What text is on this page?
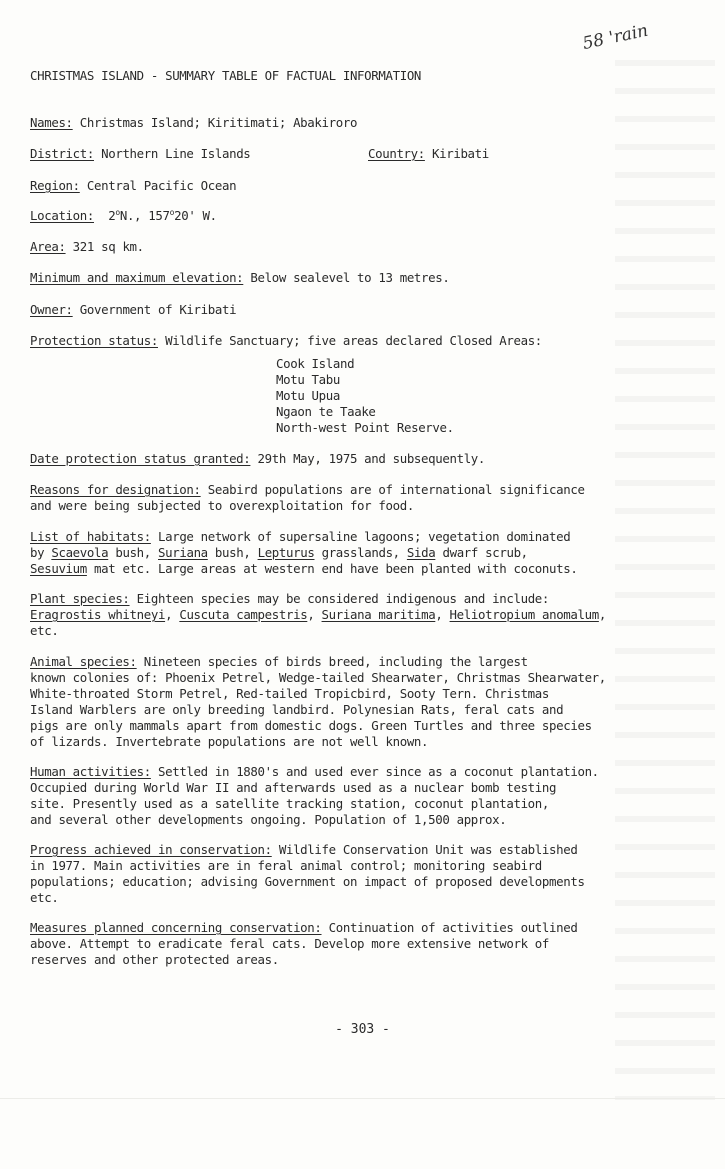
58 'rain
CHRISTMAS ISLAND - SUMMARY TABLE OF FACTUAL INFORMATION
Names: Christmas Island; Kiritimati; Abakiroro
District: Northern Line Islands	Country: Kiribati
Region: Central Pacific Ocean
Location: 2$^o$N., 157$^o$20' W.
Area: 321 sq km.
Minimum and maximum elevation: Below sealevel to 13 metres.
Owner: Government of Kiribati
Protection status: Wildlife Sanctuary; five areas declared Closed Areas:
Cook Island
Motu Tabu
Motu Upua
Ngaon te Taake
North-west Point Reserve.
Date protection status granted: 29th May, 1975 and subsequently.
Reasons for designation: Seabird populations are of international significance
and were being subjected to overexploitation for food.
List of habitats: Large network of supersaline lagoons; vegetation dominated
by Scaevola bush, Suriana bush, Lepturus grasslands, Sida dwarf scrub,
Sesuvium mat etc. Large areas at western end have been planted with coconuts.
Plant species: Eighteen species may be considered indigenous and include:
Eragrostis whitneyi, Cuscuta campestris, Suriana maritima, Heliotropium anomalum,
etc.
Animal species: Nineteen species of birds breed, including the largest
known colonies of: Phoenix Petrel, Wedge-tailed Shearwater, Christmas Shearwater,
White-throated Storm Petrel, Red-tailed Tropicbird, Sooty Tern. Christmas
Island Warblers are only breeding landbird. Polynesian Rats, feral cats and
pigs are only mammals apart from domestic dogs. Green Turtles and three species
of lizards. Invertebrate populations are not well known.
Human activities: Settled in 1880's and used ever since as a coconut plantation.
Occupied during World War II and afterwards used as a nuclear bomb testing
site. Presently used as a satellite tracking station, coconut plantation,
and several other developments ongoing. Population of 1,500 approx.
Progress achieved in conservation: Wildlife Conservation Unit was established
in 1977. Main activities are in feral animal control; monitoring seabird
populations; education; advising Government on impact of proposed developments
etc.
Measures planned concerning conservation: Continuation of activities outlined
above. Attempt to eradicate feral cats. Develop more extensive network of
reserves and other protected areas.
- 303 -
